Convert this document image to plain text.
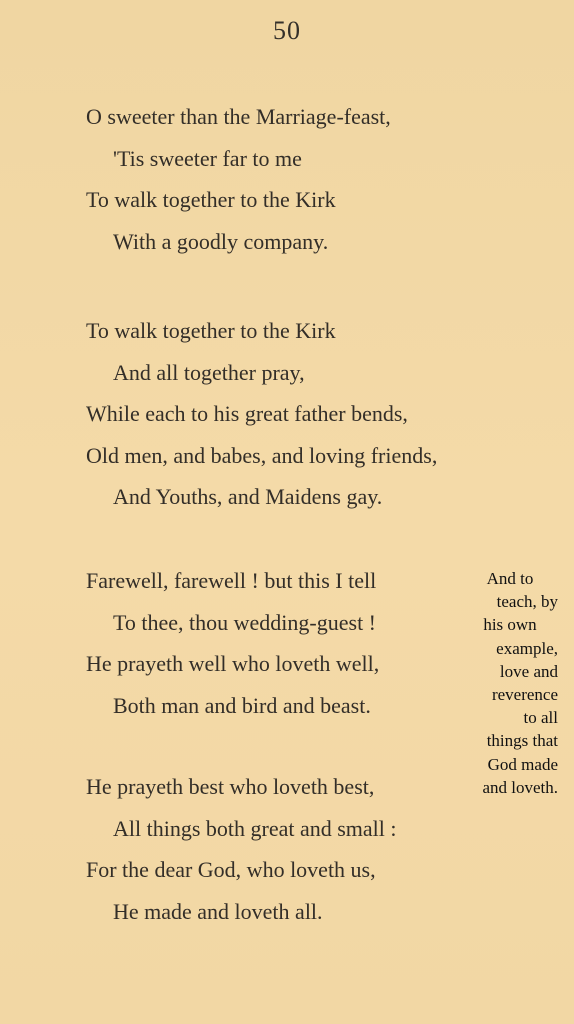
50
O sweeter than the Marriage-feast,
'Tis sweeter far to me
To walk together to the Kirk
With a goodly company.
To walk together to the Kirk
And all together pray,
While each to his great father bends,
Old men, and babes, and loving friends,
And Youths, and Maidens gay.
Farewell, farewell ! but this I tell
To thee, thou wedding-guest !
He prayeth well who loveth well,
Both man and bird and beast.
He prayeth best who loveth best,
All things both great and small :
For the dear God, who loveth us,
He made and loveth all.
And to
teach, by
his own
example,
love and
reverence
to all
things that
God made
and loveth.
